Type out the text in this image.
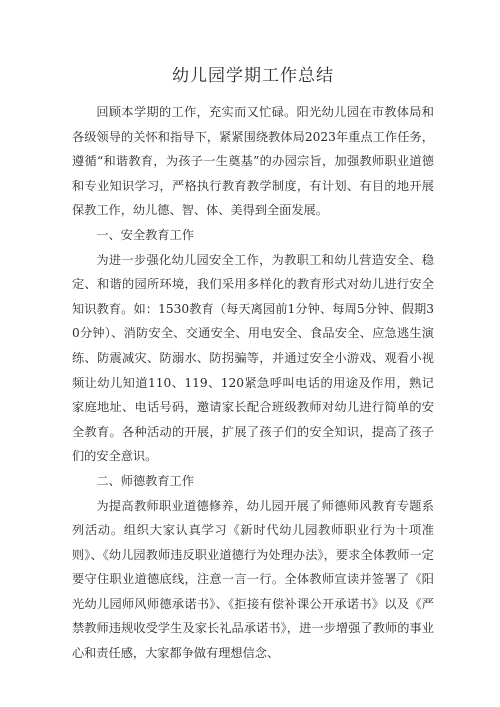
幼儿园学期工作总结

回顾本学期的工作，充实而又忙碌。阳光幼儿园在市教体局和各级领导的关怀和指导下，紧紧围绕教体局2023年重点工作任务，遵循“和谐教育，为孩子一生奠基”的办园宗旨，加强教师职业道德和专业知识学习，严格执行教育教学制度，有计划、有目的地开展保教工作，幼儿德、智、体、美得到全面发展。

一、安全教育工作

为进一步强化幼儿园安全工作，为教职工和幼儿营造安全、稳定、和谐的园所环境，我们采用多样化的教育形式对幼儿进行安全知识教育。如：1530教育（每天离园前1分钟、每周5分钟、假期30分钟）、消防安全、交通安全、用电安全、食品安全、应急逃生演练、防震减灾、防溺水、防拐骗等，并通过安全小游戏、观看小视频让幼儿知道110、119、120紧急呼叫电话的用途及作用，熟记家庭地址、电话号码，邀请家长配合班级教师对幼儿进行简单的安全教育。各种活动的开展，扩展了孩子们的安全知识，提高了孩子们的安全意识。

二、师德教育工作

为提高教师职业道德修养，幼儿园开展了师德师风教育专题系列活动。组织大家认真学习《新时代幼儿园教师职业行为十项准则》、《幼儿园教师违反职业道德行为处理办法》，要求全体教师一定要守住职业道德底线，注意一言一行。全体教师宣读并签署了《阳光幼儿园师风师德承诺书》、《拒接有偿补课公开承诺书》以及《严禁教师违规收受学生及家长礼品承诺书》，进一步增强了教师的事业心和责任感，大家都争做有理想信念、
